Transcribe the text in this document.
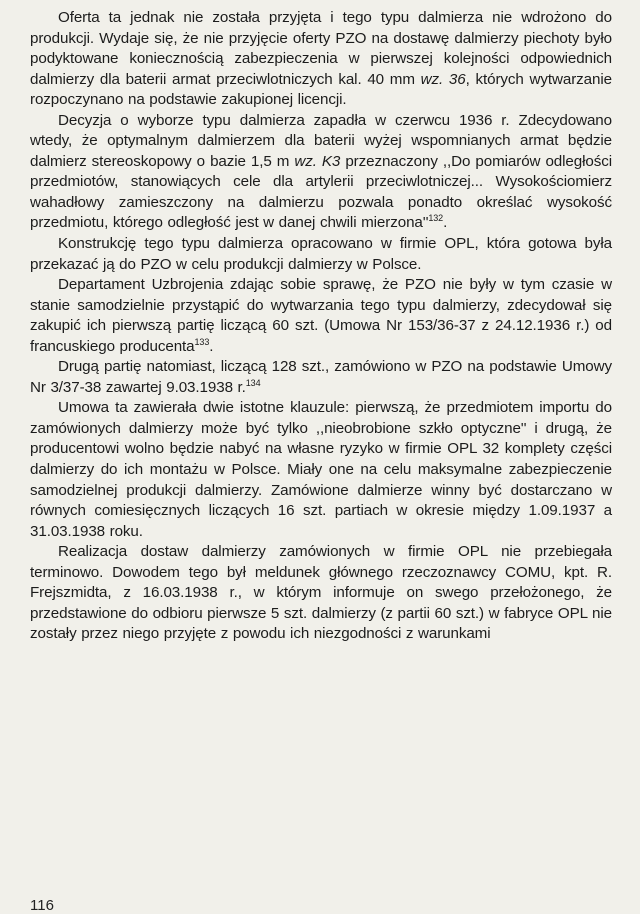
Oferta ta jednak nie została przyjęta i tego typu dalmierza nie wdrożono do produkcji. Wydaje się, że nie przyjęcie oferty PZO na dostawę dalmierzy piechoty było podyktowane koniecznością zabezpieczenia w pierwszej kolejności odpowiednich dalmierzy dla baterii armat przeciwlotniczych kal. 40 mm wz. 36, których wytwarzanie rozpoczynano na podstawie zakupionej licencji.

Decyzja o wyborze typu dalmierza zapadła w czerwcu 1936 r. Zdecydowano wtedy, że optymalnym dalmierzem dla baterii wyżej wspomnianych armat będzie dalmierz stereoskopowy o bazie 1,5 m wz. K3 przeznaczony ,,Do pomiarów odległości przedmiotów, stanowiących cele dla artylerii przeciwlotniczej... Wysokościomierz wahadłowy zamieszczony na dalmierzu pozwala ponadto określać wysokość przedmiotu, którego odległość jest w danej chwili $mierzona''^{132}$.

Konstrukcję tego typu dalmierza opracowano w firmie OPL, która gotowa była przekazać ją do PZO w celu produkcji dalmierzy w Polsce.

Departament Uzbrojenia zdając sobie sprawę, że PZO nie były w tym czasie w stanie samodzielnie przystąpić do wytwarzania tego typu dalmierzy, zdecydował się zakupić ich pierwszą partię liczącą 60 szt. (Umowa Nr 153/36-37 z 24.12.1936 r.) od francuskiego producenta$^{133}$.

Drugą partię natomiast, liczącą 128 szt., zamówiono w PZO na podstawie Umowy Nr 3/37-38 zawartej 9.03.1938 r.$^{134}$

Umowa ta zawierała dwie istotne klauzule: pierwszą, że przedmiotem importu do zamówionych dalmierzy może być tylko ,,nieobrobione szkło optyczne'' i drugą, że producentowi wolno będzie nabyć na własne ryzyko w firmie OPL 32 komplety części dalmierzy do ich montażu w Polsce. Miały one na celu maksymalne zabezpieczenie samodzielnej produkcji dalmierzy. Zamówione dalmierze winny być dostarczano w równych comiesięcznych liczących 16 szt. partiach w okresie między 1.09.1937 a 31.03.1938 roku.

Realizacja dostaw dalmierzy zamówionych w firmie OPL nie przebiegała terminowo. Dowodem tego był meldunek głównego rzeczoznawcy COMU, kpt. R. Frejszmidta, z 16.03.1938 r., w którym informuje on swego przełożonego, że przedstawione do odbioru pierwsze 5 szt. dalmierzy (z partii 60 szt.) w fabryce OPL nie zostały przez niego przyjęte z powodu ich niezgodności z warunkami

116
